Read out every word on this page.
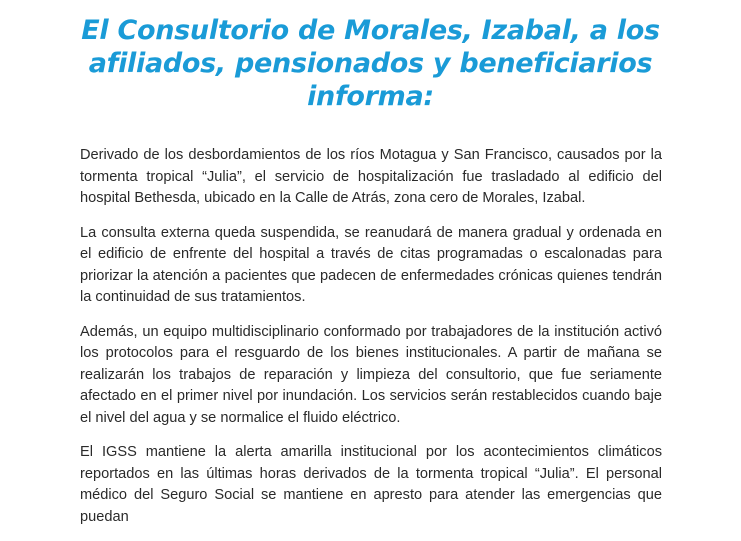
El Consultorio de Morales, Izabal, a los afiliados, pensionados y beneficiarios informa:

Derivado de los desbordamientos de los ríos Motagua y San Francisco, causados por la tormenta tropical “Julia”, el servicio de hospitalización fue trasladado al edificio del hospital Bethesda, ubicado en la Calle de Atrás, zona cero de Morales, Izabal.

La consulta externa queda suspendida, se reanudará de manera gradual y ordenada en el edificio de enfrente del hospital a través de citas programadas o escalonadas para priorizar la atención a pacientes que padecen de enfermedades crónicas quienes tendrán la continuidad de sus tratamientos.

Además, un equipo multidisciplinario conformado por trabajadores de la institución activó los protocolos para el resguardo de los bienes institucionales. A partir de mañana se realizarán los trabajos de reparación y limpieza del consultorio, que fue seriamente afectado en el primer nivel por inundación. Los servicios serán restablecidos cuando baje el nivel del agua y se normalice el fluido eléctrico.

El IGSS mantiene la alerta amarilla institucional por los acontecimientos climáticos reportados en las últimas horas derivados de la tormenta tropical “Julia”. El personal médico del Seguro Social se mantiene en apresto para atender las emergencias que puedan
